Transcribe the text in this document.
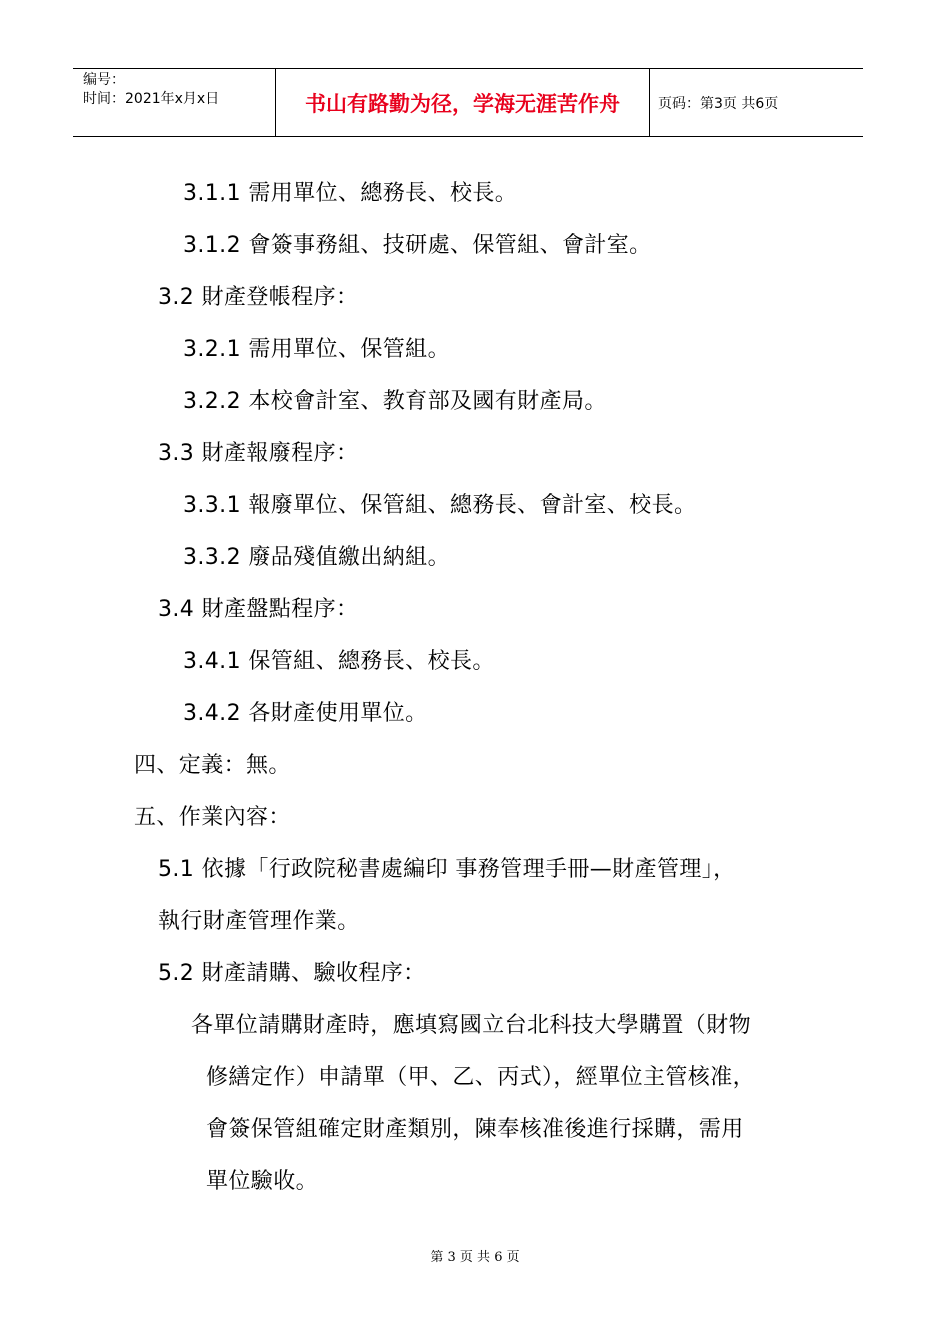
编号：
时间：2021年x月x日	书山有路勤为径，学海无涯苦作舟	页码：第3页 共6页
3.1.1 需用單位、總務長、校長。
3.1.2 會簽事務組、技研處、保管組、會計室。
3.2 財產登帳程序：
3.2.1 需用單位、保管組。
3.2.2 本校會計室、教育部及國有財產局。
3.3 財產報廢程序：
3.3.1 報廢單位、保管組、總務長、會計室、校長。
3.3.2 廢品殘值繳出納組。
3.4 財產盤點程序：
3.4.1 保管組、總務長、校長。
3.4.2 各財產使用單位。
四、定義：無。
五、作業內容：
5.1 依據「行政院秘書處編印 事務管理手冊—財產管理」，
執行財產管理作業。
5.2 財產請購、驗收程序：
各單位請購財產時，應填寫國立台北科技大學購置（財物
修繕定作）申請單（甲、乙、丙式），經單位主管核准，
會簽保管組確定財產類別，陳奉核准後進行採購，需用
單位驗收。
第 3 页 共 6 页
